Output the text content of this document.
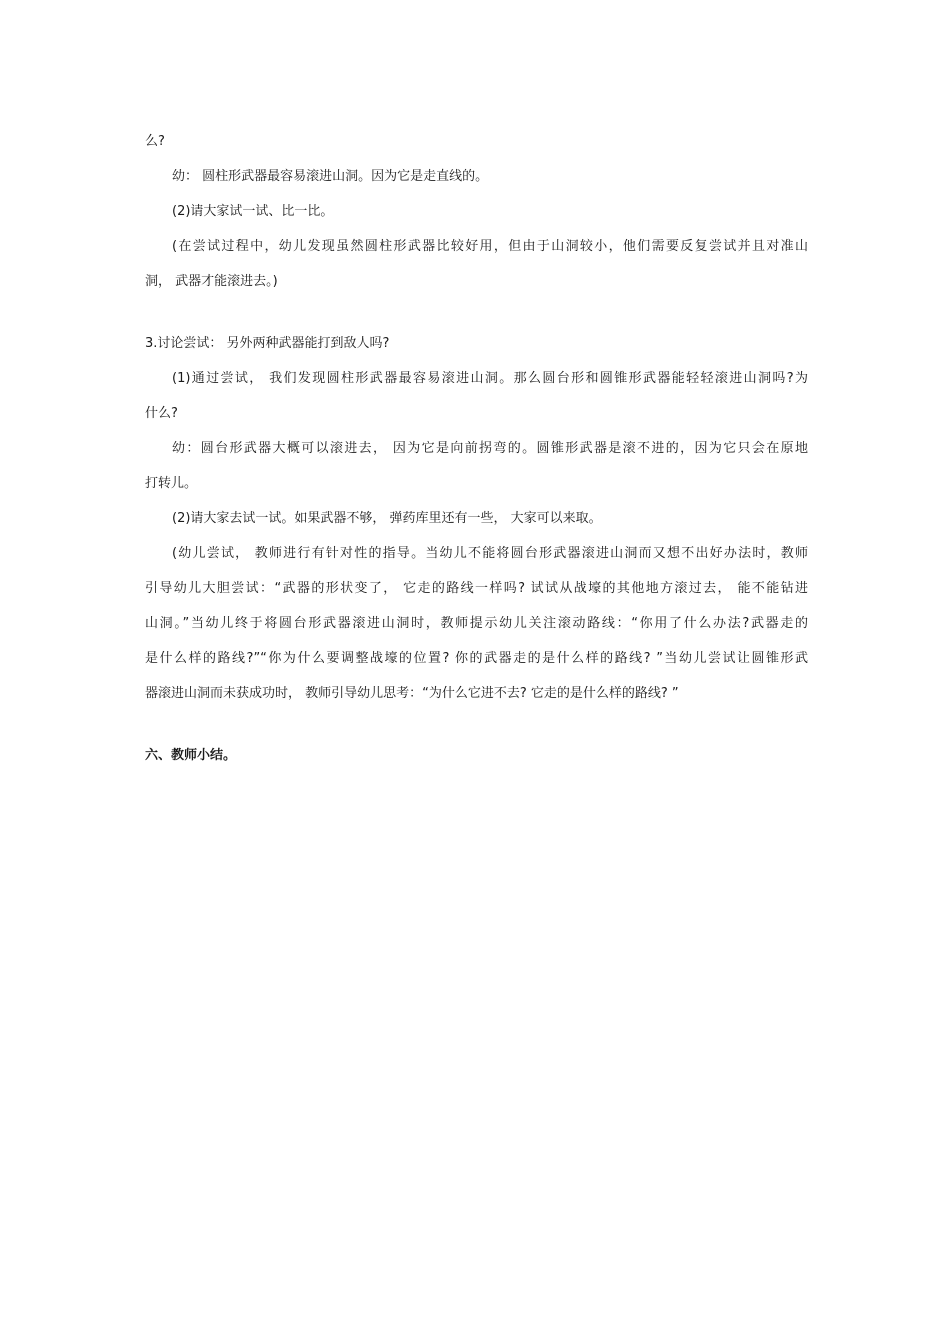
么?

幼： 圆柱形武器最容易滚进山洞。因为它是走直线的。

(2)请大家试一试、比一比。

(在尝试过程中，幼儿发现虽然圆柱形武器比较好用，但由于山洞较小，他们需要反复尝试并且对准山

洞， 武器才能滚进去。)

3.讨论尝试： 另外两种武器能打到敌人吗?

(1)通过尝试， 我们发现圆柱形武器最容易滚进山洞。那么圆台形和圆锥形武器能轻轻滚进山洞吗?为

什么?

幼：圆台形武器大概可以滚进去， 因为它是向前拐弯的。圆锥形武器是滚不进的，因为它只会在原地

打转儿。

(2)请大家去试一试。如果武器不够， 弹药库里还有一些， 大家可以来取。

(幼儿尝试， 教师进行有针对性的指导。当幼儿不能将圆台形武器滚进山洞而又想不出好办法时，教师

引导幼儿大胆尝试：“武器的形状变了， 它走的路线一样吗? 试试从战壕的其他地方滚过去， 能不能钻进

山洞。”当幼儿终于将圆台形武器滚进山洞时，教师提示幼儿关注滚动路线：“你用了什么办法?武器走的

是什么样的路线?”“你为什么要调整战壕的位置? 你的武器走的是什么样的路线? ”当幼儿尝试让圆锥形武

器滚进山洞而未获成功时， 教师引导幼儿思考：“为什么它进不去? 它走的是什么样的路线? ”

六、教师小结。
